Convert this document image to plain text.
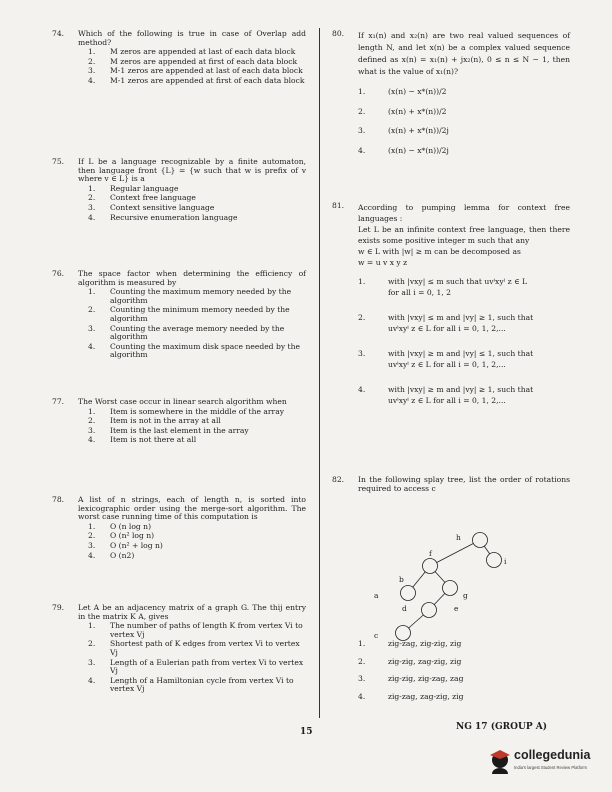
74.	Which of the following is true in case of Overlap add method?
1. M zeros are appended at last of each data block
2. M zeros are appended at first of each data block
3. M-1 zeros are appended at last of each data block
4. M-1 zeros are appended at first of each data block
75.	If L be a language recognizable by a finite automaton, then language front {L} = {w such that w is prefix of v where v ∈ L} is a
1. Regular language
2. Context free language
3. Context sensitive language
4. Recursive enumeration language
76.	The space factor when determining the efficiency of algorithm is measured by
1. Counting the maximum memory needed by the algorithm
2. Counting the minimum memory needed by the algorithm
3. Counting the average memory needed by the algorithm
4. Counting the maximum disk space needed by the algorithm
77.	The Worst case occur in linear search algorithm when
1. Item is somewhere in the middle of the array
2. Item is not in the array at all
3. Item is the last element in the array
4. Item is not there at all
78.	A list of n strings, each of length n, is sorted into lexicographic order using the merge-sort algorithm. The worst case running time of this computation is
1. O (n log n)
2. O (n² log n)
3. O (n² + log n)
4. O (n2)
79.	Let A be an adjacency matrix of a graph G. The thij entry in the matrix K A, gives
1. The number of paths of length K from vertex Vi to vertex Vj
2. Shortest path of K edges from vertex Vi to vertex Vj
3. Length of a Eulerian path from vertex Vi to vertex Vj
4. Length of a Hamiltonian cycle from vertex Vi to vertex Vj
80.	If x₁(n) and x₂(n) are two real valued sequences of length N, and let x(n) be a complex valued sequence defined as x(n) = x₁(n) + jx₂(n), 0 ≤ n ≤ N − 1, then what is the value of x₁(n)?
1.	(x(n) − x*(n))/2
2.	(x(n) + x*(n))/2
3.	(x(n) + x*(n))/2j
4.	(x(n) − x*(n))/2j
81.	According to pumping lemma for context free languages :
Let L be an infinite context free language, then there exists some positive integer m such that any
w ∈ L with |w| ≥ m can be decomposed as
w = u v x y z
1.	with |vxy| ≤ m such that uvⁱxyⁱ z ∈ L
for all i = 0, 1, 2
2.	with |vxy| ≤ m and |vy| ≥ 1, such that
uvⁱxyⁱ z ∈ L for all i = 0, 1, 2,...
3.	with |vxy| ≥ m and |vy| ≤ 1, such that
uvⁱxyⁱ z ∈ L for all i = 0, 1, 2,...
4.	with |vxy| ≥ m and |vy| ≥ 1, such that
uvⁱxyⁱ z ∈ L for all i = 0, 1, 2,...
82.	In the following splay tree, list the order of rotations required to access c
h
f
i
b
g
a
e
d
c
1.	zig-zag, zig-zig, zig
2.	zig-zig, zag-zig, zig
3.	zig-zig, zig-zag, zag
4.	zig-zag, zag-zig, zig
15	NG 17 (GROUP A)
collegedunia
India's largest Student Review Platform
